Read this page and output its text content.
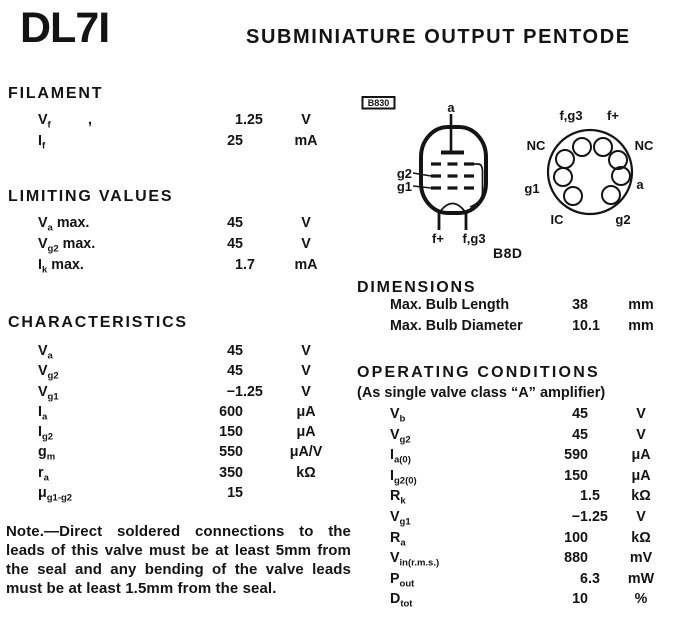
DL7I	SUBMINIATURE OUTPUT PENTODE
FILAMENT
$V_f$	,	1.25	V
$I_f$	25	mA
LIMITING VALUES
$V_a$ max.	45	V
$V_{g2}$ max.	45	V
$I_k$ max.	1.7	mA
CHARACTERISTICS
$V_a$	45	V
$V_{g2}$	45	V
$V_{g1}$	−1.25	V
$I_a$	600	μA
$I_{g2}$	150	μA
$g_m$	550	μA/V
$r_a$	350	kΩ
$\mu_{g1-g2}$	15
Note.—Direct soldered connections to the leads of this valve must be at least 5mm from the seal and any bending of the valve leads must be at least 1.5mm from the seal.
B830	a
g2
g1
f+ f,g3
B8D
f,g3 f+
NC	NC
g1	a
IC	g2
DIMENSIONS
Max. Bulb Length	38	mm
Max. Bulb Diameter	10.1	mm
OPERATING CONDITIONS
(As single valve class “A” amplifier)
$V_b$	45	V
$V_{g2}$	45	V
$I_{a(0)}$	590	μA
$I_{g2(0)}$	150	μA
$R_k$	1.5	kΩ
$V_{g1}$	−1.25	V
$R_a$	100	kΩ
$V_{in(r.m.s.)}$	880	mV
$P_{out}$	6.3	mW
$D_{tot}$	10	%
